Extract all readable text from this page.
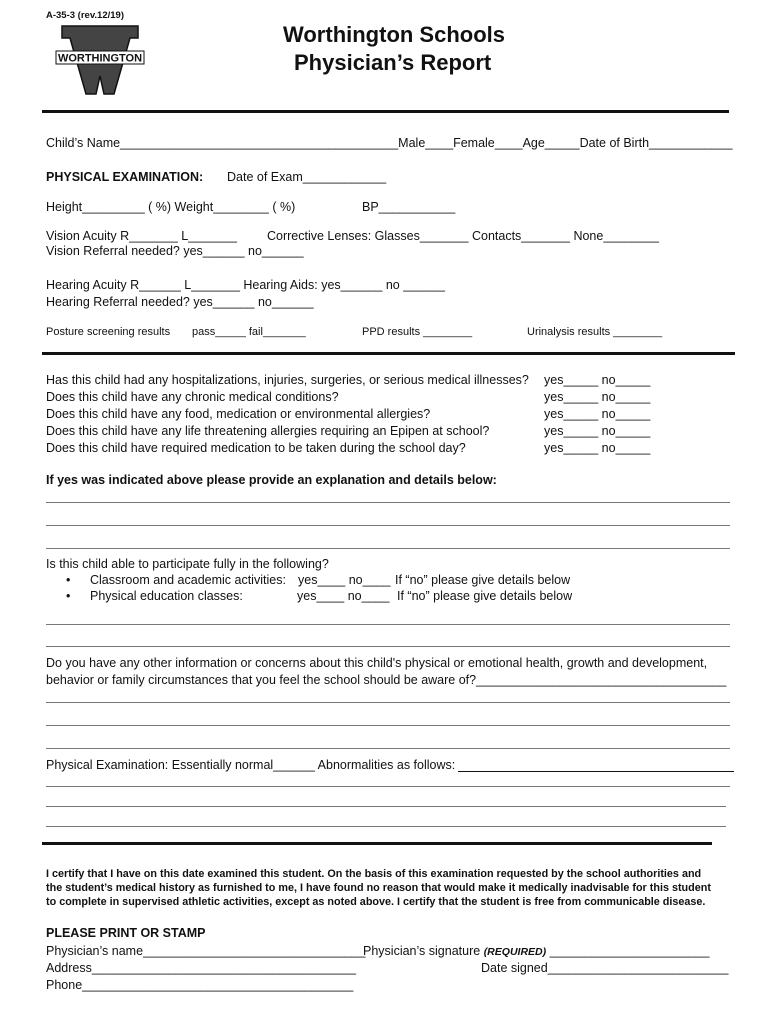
A-35-3 (rev.12/19)
WORTHINGTON
Worthington Schools
Physician’s Report
Child’s Name________________________________________Male____Female____Age_____Date of Birth____________
PHYSICAL EXAMINATION: Date of Exam____________
Height_________ ( %) Weight________ ( %)	BP___________
Vision Acuity R_______ L_______ Corrective Lenses: Glasses_______ Contacts_______ None________
Vision Referral needed? yes______ no______
Hearing Acuity R______ L_______ Hearing Aids: yes______ no ______
Hearing Referral needed? yes______ no______
Posture screening results pass_____ fail_______	PPD results ________	Urinalysis results ________
Has this child had any hospitalizations, injuries, surgeries, or serious medical illnesses? yes_____ no_____
Does this child have any chronic medical conditions?	yes_____ no_____
Does this child have any food, medication or environmental allergies?	yes_____ no_____
Does this child have any life threatening allergies requiring an Epipen at school?	yes_____ no_____
Does this child have required medication to be taken during the school day?	yes_____ no_____
If yes was indicated above please provide an explanation and details below:
Is this child able to participate fully in the following?
• Classroom and academic activities: yes____ no____ If “no” please give details below
• Physical education classes:	yes____ no____ If “no” please give details below
Do you have any other information or concerns about this child's physical or emotional health, growth and development,
behavior or family circumstances that you feel the school should be aware of?____________________________________
Physical Examination: Essentially normal______ Abnormalities as follows:
I certify that I have on this date examined this student. On the basis of this examination requested by the school authorities and
the student’s medical history as furnished to me, I have found no reason that would make it medically inadvisable for this student
to complete in supervised athletic activities, except as noted above. I certify that the student is free from communicable disease.
PLEASE PRINT OR STAMP
Physician’s name________________________________
Physician’s signature (REQUIRED) _______________________
Address______________________________________	Date signed__________________________
Phone_______________________________________
